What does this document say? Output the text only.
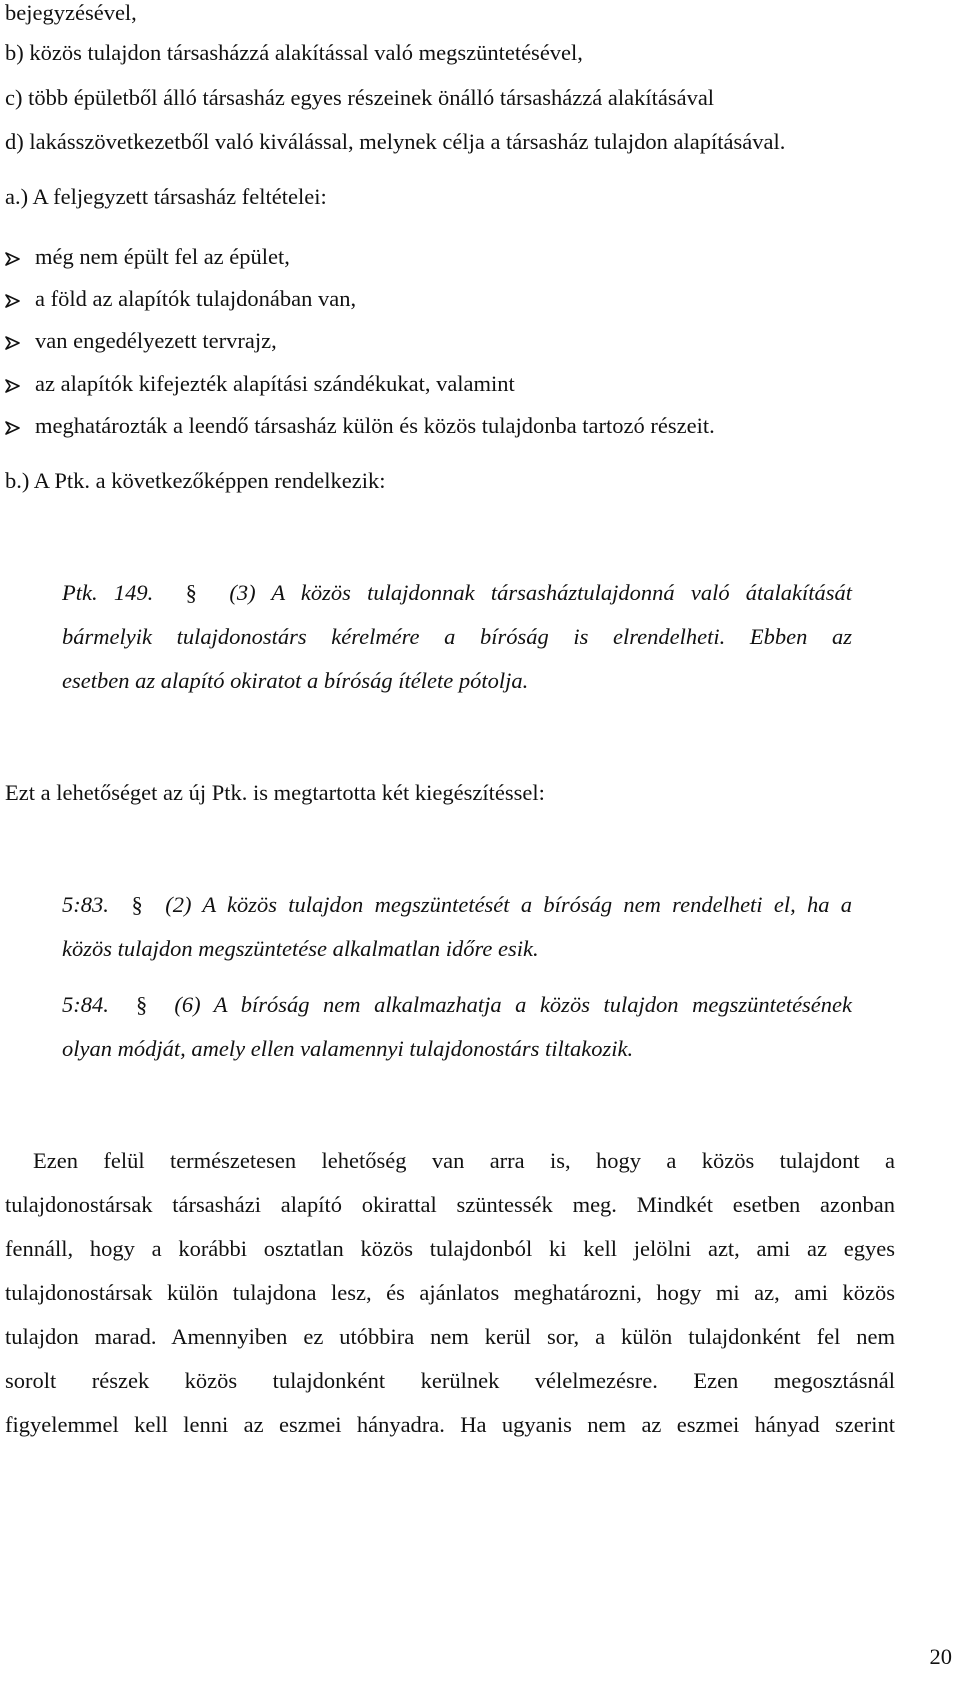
bejegyzésével,
b) közös tulajdon társasházzá alakítással való megszüntetésével,
c) több épületből álló társasház egyes részeinek önálló társasházzá alakításával
d) lakásszövetkezetből való kiválással, melynek célja a társasház tulajdon alapításával.
a.) A feljegyzett társasház feltételei:
még nem épült fel az épület,
a föld az alapítók tulajdonában van,
van engedélyezett tervrajz,
az alapítók kifejezték alapítási szándékukat, valamint
meghatározták a leendő társasház külön és közös tulajdonba tartozó részeit.
b.) A Ptk. a következőképpen rendelkezik:
Ptk. 149. § (3) A közös tulajdonnak társasháztulajdonná való átalakítását
bármelyik tulajdonostárs kérelmére a bíróság is elrendelheti. Ebben az
esetben az alapító okiratot a bíróság ítélete pótolja.
Ezt a lehetőséget az új Ptk. is megtartotta két kiegészítéssel:
5:83. § (2) A közös tulajdon megszüntetését a bíróság nem rendelheti el, ha a
közös tulajdon megszüntetése alkalmatlan időre esik.
5:84. § (6) A bíróság nem alkalmazhatja a közös tulajdon megszüntetésének
olyan módját, amely ellen valamennyi tulajdonostárs tiltakozik.
Ezen felül természetesen lehetőség van arra is, hogy a közös tulajdont a
tulajdonostársak társasházi alapító okirattal szüntessék meg. Mindkét esetben azonban
fennáll, hogy a korábbi osztatlan közös tulajdonból ki kell jelölni azt, ami az egyes
tulajdonostársak külön tulajdona lesz, és ajánlatos meghatározni, hogy mi az, ami közös
tulajdon marad. Amennyiben ez utóbbira nem kerül sor, a külön tulajdonként fel nem
sorolt részek közös tulajdonként kerülnek vélelmezésre. Ezen megosztásnál
figyelemmel kell lenni az eszmei hányadra. Ha ugyanis nem az eszmei hányad szerint
20
